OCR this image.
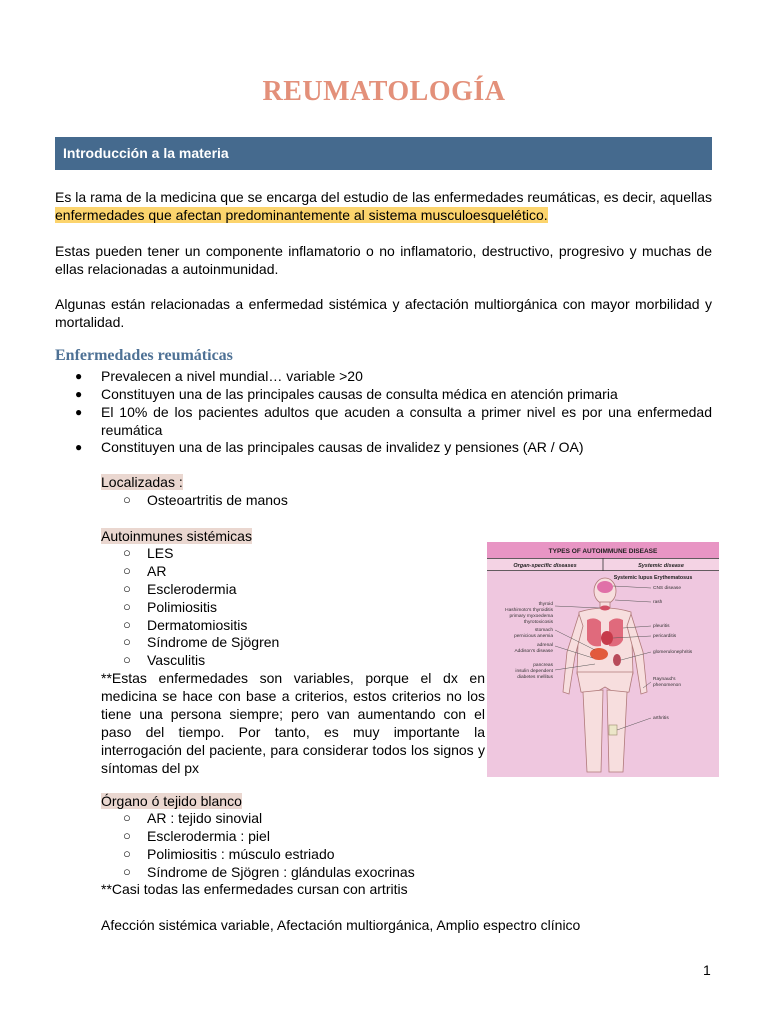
REUMATOLOGÍA
Introducción a la materia
Es la rama de la medicina que se encarga del estudio de las enfermedades reumáticas, es decir, aquellas enfermedades que afectan predominantemente al sistema musculoesquelético.
Estas pueden tener un componente inflamatorio o no inflamatorio, destructivo, progresivo y muchas de ellas relacionadas a autoinmunidad.
Algunas están relacionadas a enfermedad sistémica y afectación multiorgánica con mayor morbilidad y mortalidad.
Enfermedades reumáticas
● Prevalecen a nivel mundial… variable >20
● Constituyen una de las principales causas de consulta médica en atención primaria
● El 10% de los pacientes adultos que acuden a consulta a primer nivel es por una enfermedad reumática
● Constituyen una de las principales causas de invalidez y pensiones (AR / OA)
Localizadas :
○ Osteoartritis de manos
Autoinmunes sistémicas
○ LES
○ AR
○ Esclerodermia
○ Polimiositis
○ Dermatomiositis
○ Síndrome de Sjögren
○ Vasculitis
**Estas enfermedades son variables, porque el dx en medicina se hace con base a criterios, estos criterios no los tiene una persona siempre; pero van aumentando con el paso del tiempo. Por tanto, es muy importante la interrogación del paciente, para considerar todos los signos y síntomas del px
TYPES OF AUTOIMMUNE DISEASE
Organ-specific diseases	Systemic disease
Systemic lupus Erythematosus
thyroid
Hashimoto's thyroiditis
primary myxoedema
thyrotoxicosis
stomach
pernicious anemia
adrenal
Addison's disease
pancreas
insulin dependent
diabetes mellitus
CNS disease
rash
pleuritis
pericarditis
glomerulonephritis
Raynaud's
phenomenon
arthritis
Órgano ó tejido blanco
○ AR : tejido sinovial
○ Esclerodermia : piel
○ Polimiositis : músculo estriado
○ Síndrome de Sjögren : glándulas exocrinas
**Casi todas las enfermedades cursan con artritis
Afección sistémica variable, Afectación multiorgánica, Amplio espectro clínico
1
